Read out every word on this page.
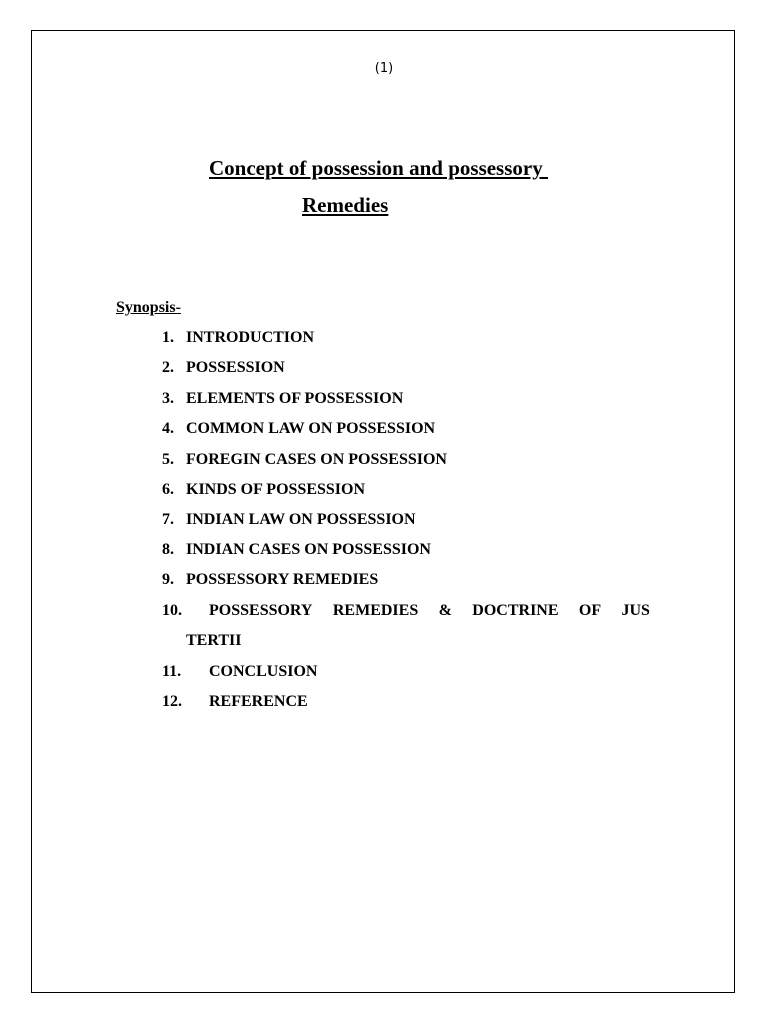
(1)
Concept of possession and possessory
Remedies
Synopsis-
1. INTRODUCTION
2. POSSESSION
3. ELEMENTS OF POSSESSION
4. COMMON LAW ON POSSESSION
5. FOREGIN CASES ON POSSESSION
6. KINDS OF POSSESSION
7. INDIAN LAW ON POSSESSION
8. INDIAN CASES ON POSSESSION
9. POSSESSORY REMEDIES
10. POSSESSORY REMEDIES & DOCTRINE OF JUS
TERTII
11. CONCLUSION
12. REFERENCE
